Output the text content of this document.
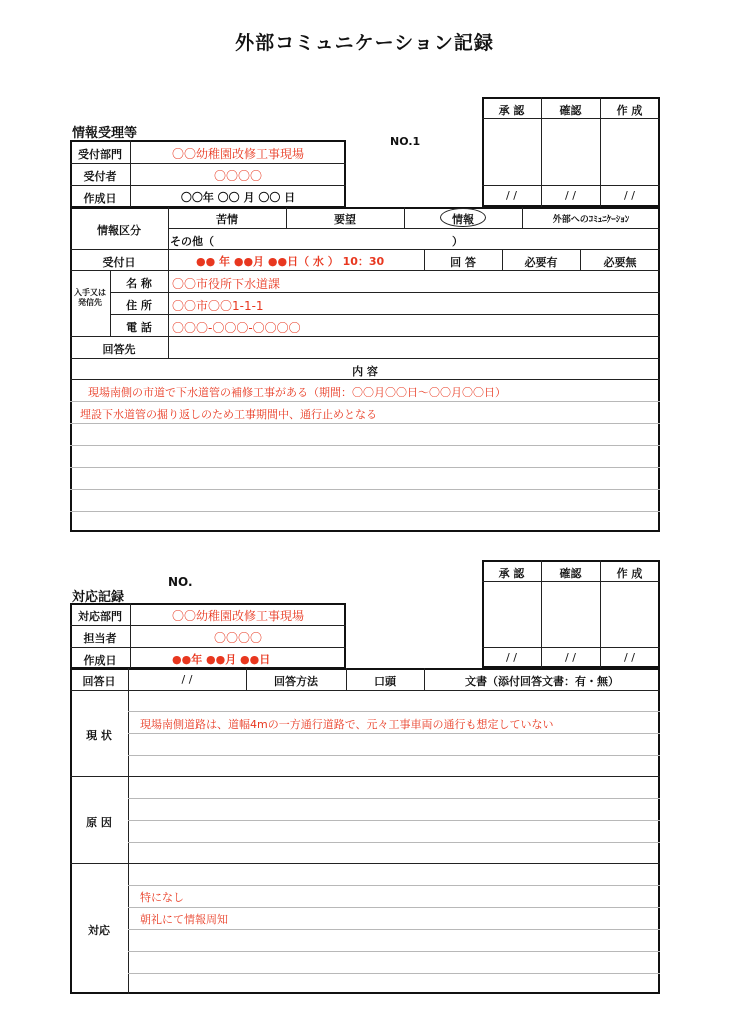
外部コミュニケーション記録
情報受理等
NO.1
承 認	確認	作 成
/ /	/ /	/ /
受付部門	〇〇幼稚園改修工事現場
受付者	〇〇〇〇
作成日	〇〇年 〇〇 月 〇〇 日
情報区分
苦情	要望	情報	外部へのｺﾐｭﾆｹｰｼｮﾝ
その他（	）
受付日	●● 年 ●●月 ●●日（ 水 ） 10：30	回 答	必要有	必要無
入手又は発信先
名 称	〇〇市役所下水道課
住 所	〇〇市〇〇1-1-1
電 話	〇〇〇-〇〇〇-〇〇〇〇
回答先
内 容
現場南側の市道で下水道管の補修工事がある（期間：〇〇月〇〇日～〇〇月〇〇日）
埋設下水道管の掘り返しのため工事期間中、通行止めとなる
NO.
対応記録
承 認	確認	作 成
/ /	/ /	/ /
対応部門	〇〇幼稚園改修工事現場
担当者	〇〇〇〇
作成日	●●年 ●●月 ●●日
回答日	/ /	回答方法	口頭	文書（添付回答文書：有・無）
現 状
現場南側道路は、道幅4mの一方通行道路で、元々工事車両の通行も想定していない
原 因
対応
特になし
朝礼にて情報周知
